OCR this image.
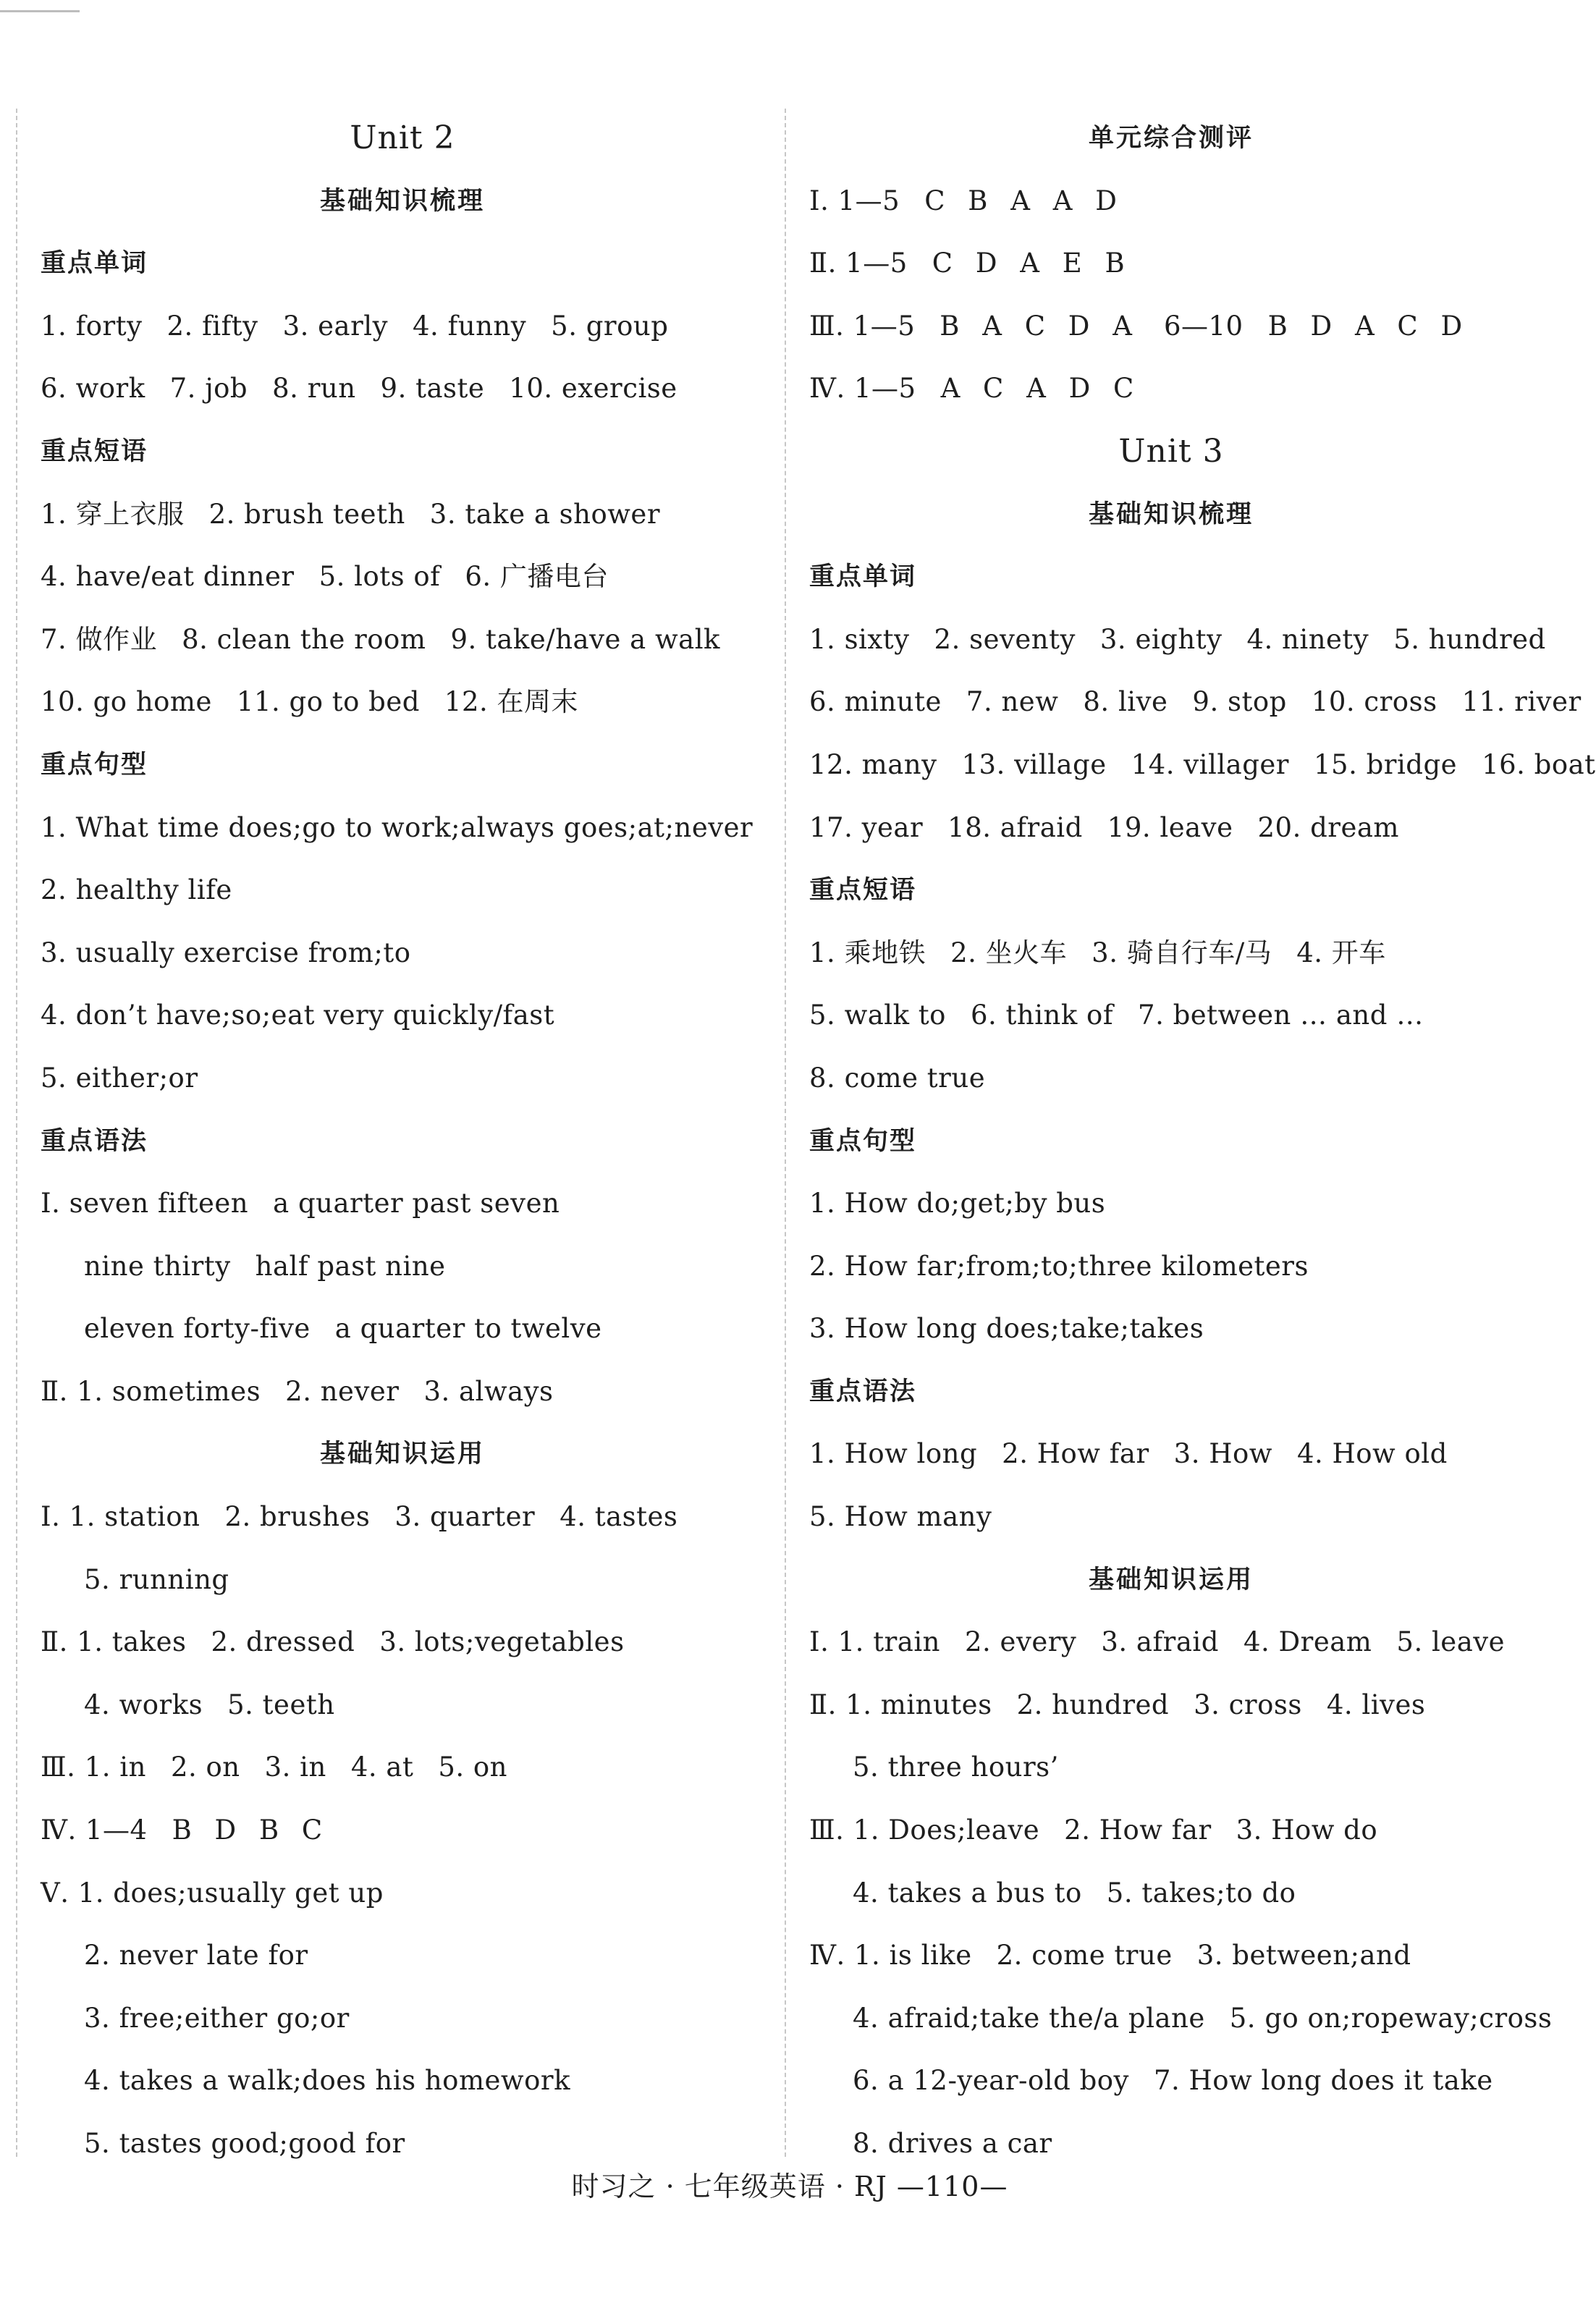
Unit 2
基础知识梳理
重点单词
1. forty 2. fifty 3. early 4. funny 5. group
6. work 7. job 8. run 9. taste 10. exercise
重点短语
1. 穿上衣服 2. brush teeth 3. take a shower
4. have/eat dinner 5. lots of 6. 广播电台
7. 做作业 8. clean the room 9. take/have a walk
10. go home 11. go to bed 12. 在周末
重点句型
1. What time does;go to work;always goes;at;never
2. healthy life
3. usually exercise from;to
4. don’t have;so;eat very quickly/fast
5. either;or
重点语法
Ⅰ. seven fifteen a quarter past seven
nine thirty half past nine
eleven forty-five a quarter to twelve
Ⅱ. 1. sometimes 2. never 3. always
基础知识运用
Ⅰ. 1. station 2. brushes 3. quarter 4. tastes
5. running
Ⅱ. 1. takes 2. dressed 3. lots;vegetables
4. works 5. teeth
Ⅲ. 1. in 2. on 3. in 4. at 5. on
Ⅳ. 1—4 B D B C
Ⅴ. 1. does;usually get up
2. never late for
3. free;either go;or
4. takes a walk;does his homework
5. tastes good;good for
单元综合测评
Ⅰ. 1—5 C B A A D
Ⅱ. 1—5 C D A E B
Ⅲ. 1—5 B A C D A 6—10 B D A C D
Ⅳ. 1—5 A C A D C
Unit 3
基础知识梳理
重点单词
1. sixty 2. seventy 3. eighty 4. ninety 5. hundred
6. minute 7. new 8. live 9. stop 10. cross 11. river
12. many 13. village 14. villager 15. bridge 16. boat
17. year 18. afraid 19. leave 20. dream
重点短语
1. 乘地铁 2. 坐火车 3. 骑自行车/马 4. 开车
5. walk to 6. think of 7. between … and …
8. come true
重点句型
1. How do;get;by bus
2. How far;from;to;three kilometers
3. How long does;take;takes
重点语法
1. How long 2. How far 3. How 4. How old
5. How many
基础知识运用
Ⅰ. 1. train 2. every 3. afraid 4. Dream 5. leave
Ⅱ. 1. minutes 2. hundred 3. cross 4. lives
5. three hours’
Ⅲ. 1. Does;leave 2. How far 3. How do
4. takes a bus to 5. takes;to do
Ⅳ. 1. is like 2. come true 3. between;and
4. afraid;take the/a plane 5. go on;ropeway;cross
6. a 12-year-old boy 7. How long does it take
8. drives a car
时习之 · 七年级英语 · RJ —110—
